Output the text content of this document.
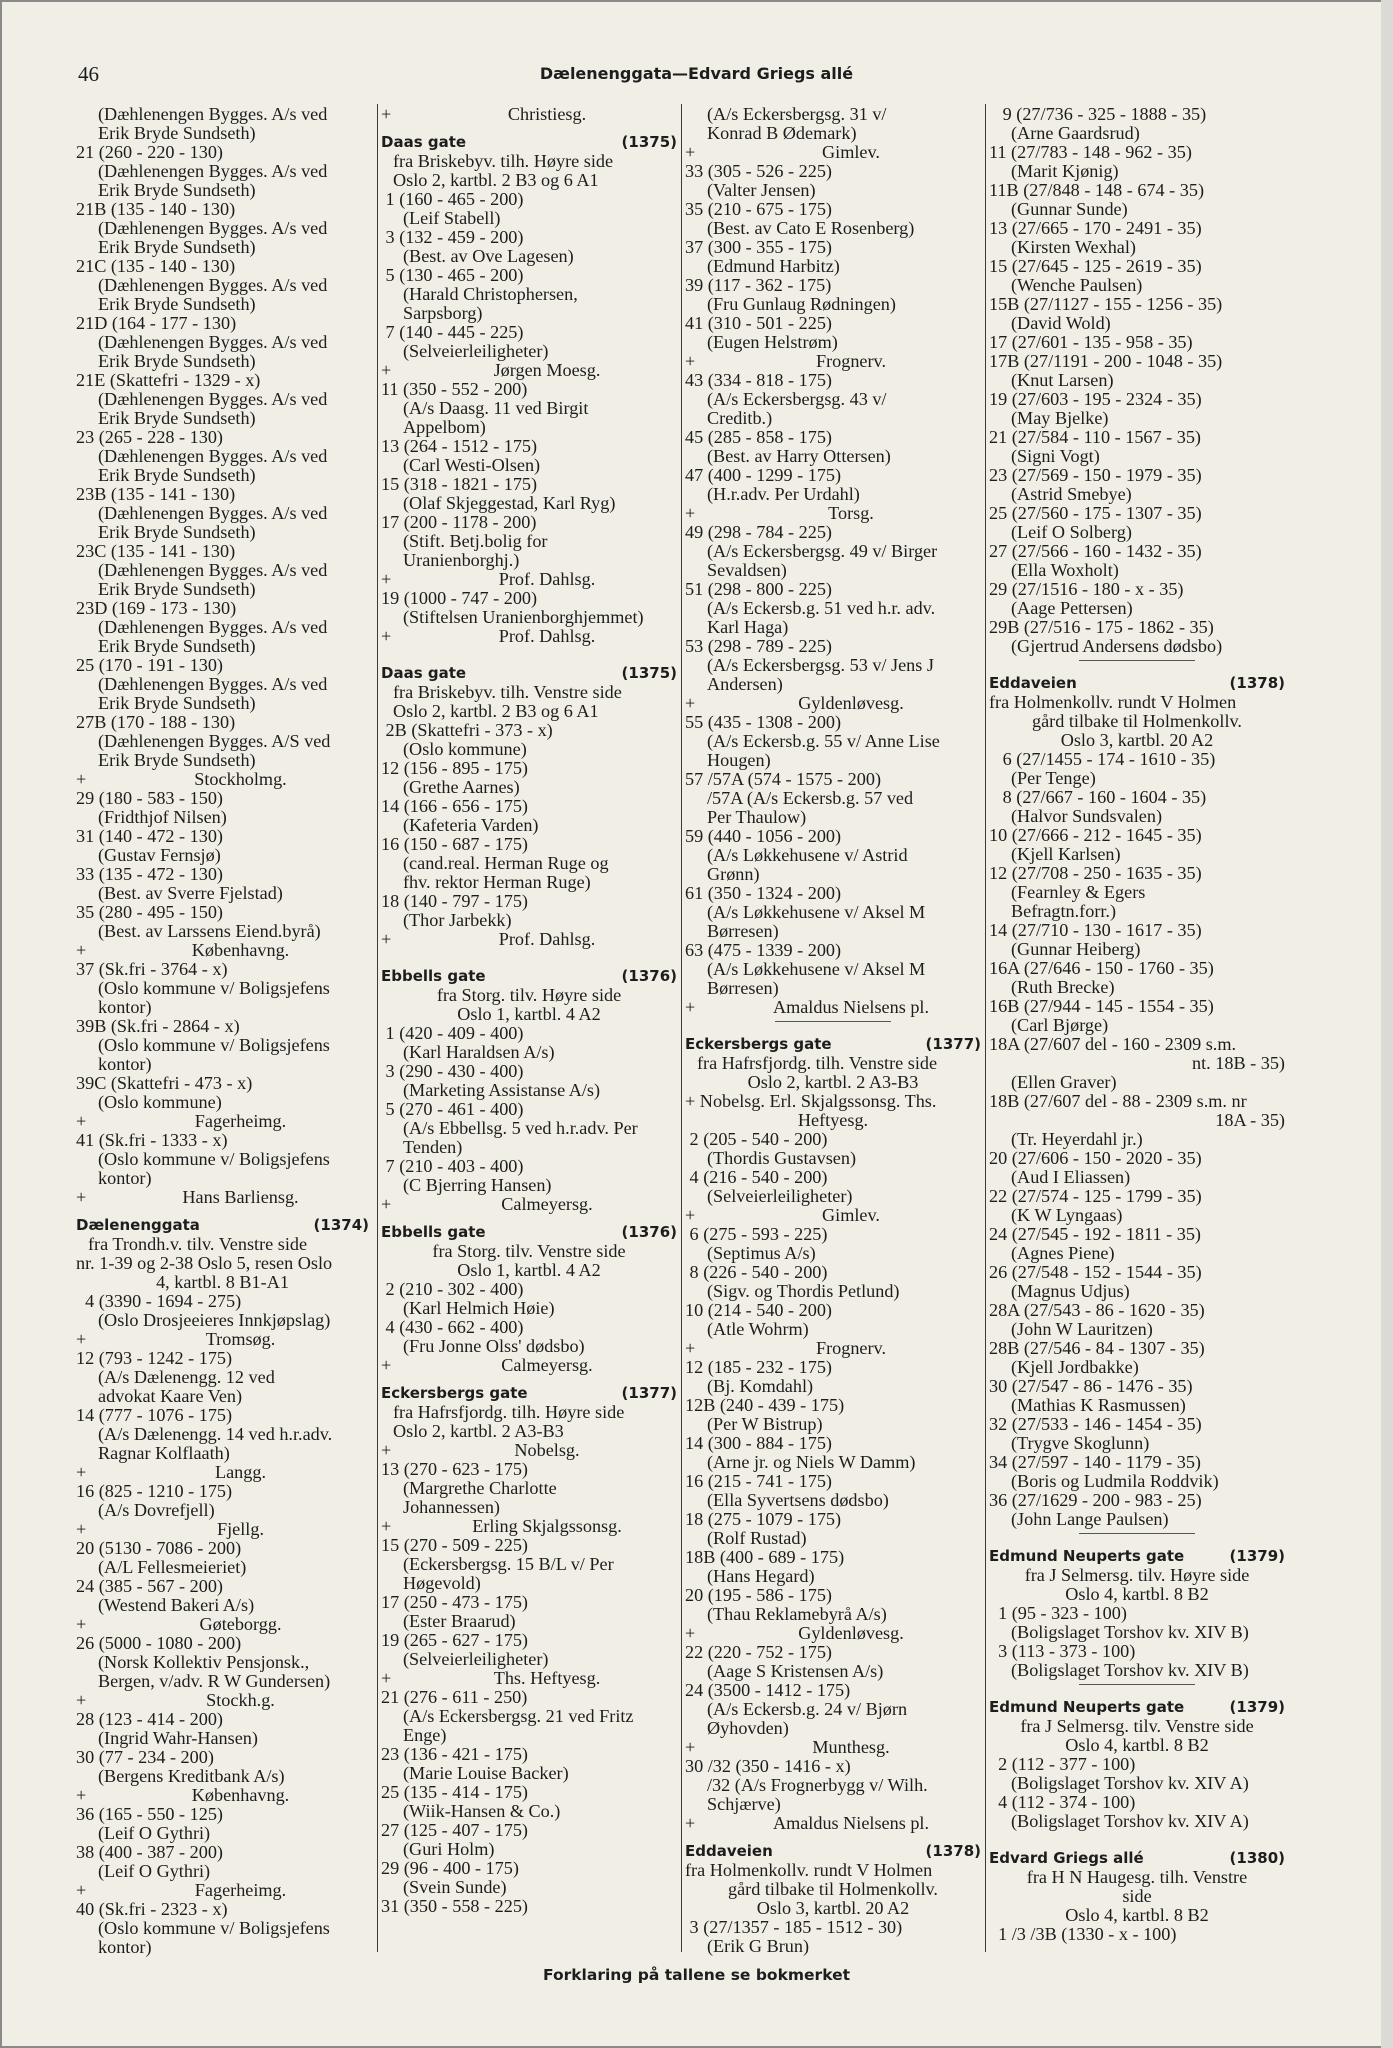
46	Dælenenggata—Edvard Griegs allé
(Dæhlenengen Bygges. A/s ved
Erik Bryde Sundseth)
21 (260 - 220 - 130)
(Dæhlenengen Bygges. A/s ved
Erik Bryde Sundseth)
21B (135 - 140 - 130)
(Dæhlenengen Bygges. A/s ved
Erik Bryde Sundseth)
21C (135 - 140 - 130)
(Dæhlenengen Bygges. A/s ved
Erik Bryde Sundseth)
21D (164 - 177 - 130)
(Dæhlenengen Bygges. A/s ved
Erik Bryde Sundseth)
21E (Skattefri - 1329 - x)
(Dæhlenengen Bygges. A/s ved
Erik Bryde Sundseth)
23 (265 - 228 - 130)
(Dæhlenengen Bygges. A/s ved
Erik Bryde Sundseth)
23B (135 - 141 - 130)
(Dæhlenengen Bygges. A/s ved
Erik Bryde Sundseth)
23C (135 - 141 - 130)
(Dæhlenengen Bygges. A/s ved
Erik Bryde Sundseth)
23D (169 - 173 - 130)
(Dæhlenengen Bygges. A/s ved
Erik Bryde Sundseth)
25 (170 - 191 - 130)
(Dæhlenengen Bygges. A/s ved
Erik Bryde Sundseth)
27B (170 - 188 - 130)
(Dæhlenengen Bygges. A/S ved
Erik Bryde Sundseth)
+	Stockholmg.
29 (180 - 583 - 150)
(Fridthjof Nilsen)
31 (140 - 472 - 130)
(Gustav Fernsjø)
33 (135 - 472 - 130)
(Best. av Sverre Fjelstad)
35 (280 - 495 - 150)
(Best. av Larssens Eiend.byrå)
+	Københavng.
37 (Sk.fri - 3764 - x)
(Oslo kommune v/ Boligsjefens
kontor)
39B (Sk.fri - 2864 - x)
(Oslo kommune v/ Boligsjefens
kontor)
39C (Skattefri - 473 - x)
(Oslo kommune)
+	Fagerheimg.
41 (Sk.fri - 1333 - x)
(Oslo kommune v/ Boligsjefens
kontor)
+	Hans Barliensg.
Dælenenggata	(1374)
fra Trondh.v. tilv. Venstre side
nr. 1-39 og 2-38 Oslo 5, resen Oslo
4, kartbl. 8 B1-A1
4 (3390 - 1694 - 275)
(Oslo Drosjeeieres Innkjøpslag)
+	Tromsøg.
12 (793 - 1242 - 175)
(A/s Dælenengg. 12 ved
advokat Kaare Ven)
14 (777 - 1076 - 175)
(A/s Dælenengg. 14 ved h.r.adv.
Ragnar Kolflaath)
+	Langg.
16 (825 - 1210 - 175)
(A/s Dovrefjell)
+	Fjellg.
20 (5130 - 7086 - 200)
(A/L Fellesmeieriet)
24 (385 - 567 - 200)
(Westend Bakeri A/s)
+	Gøteborgg.
26 (5000 - 1080 - 200)
(Norsk Kollektiv Pensjonsk.,
Bergen, v/adv. R W Gundersen)
+	Stockh.g.
28 (123 - 414 - 200)
(Ingrid Wahr-Hansen)
30 (77 - 234 - 200)
(Bergens Kreditbank A/s)
+	Københavng.
36 (165 - 550 - 125)
(Leif O Gythri)
38 (400 - 387 - 200)
(Leif O Gythri)
+	Fagerheimg.
40 (Sk.fri - 2323 - x)
(Oslo kommune v/ Boligsjefens
kontor)
+	Christiesg.
Daas gate	(1375)
fra Briskebyv. tilh. Høyre side
Oslo 2, kartbl. 2 B3 og 6 A1
1 (160 - 465 - 200)
(Leif Stabell)
3 (132 - 459 - 200)
(Best. av Ove Lagesen)
5 (130 - 465 - 200)
(Harald Christophersen,
Sarpsborg)
7 (140 - 445 - 225)
(Selveierleiligheter)
+	Jørgen Moesg.
11 (350 - 552 - 200)
(A/s Daasg. 11 ved Birgit
Appelbom)
13 (264 - 1512 - 175)
(Carl Westi-Olsen)
15 (318 - 1821 - 175)
(Olaf Skjeggestad, Karl Ryg)
17 (200 - 1178 - 200)
(Stift. Betj.bolig for
Uranienborghj.)
+	Prof. Dahlsg.
19 (1000 - 747 - 200)
(Stiftelsen Uranienborghjemmet)
+	Prof. Dahlsg.
Daas gate	(1375)
fra Briskebyv. tilh. Venstre side
Oslo 2, kartbl. 2 B3 og 6 A1
2B (Skattefri - 373 - x)
(Oslo kommune)
12 (156 - 895 - 175)
(Grethe Aarnes)
14 (166 - 656 - 175)
(Kafeteria Varden)
16 (150 - 687 - 175)
(cand.real. Herman Ruge og
fhv. rektor Herman Ruge)
18 (140 - 797 - 175)
(Thor Jarbekk)
+	Prof. Dahlsg.
Ebbells gate	(1376)
fra Storg. tilv. Høyre side
Oslo 1, kartbl. 4 A2
1 (420 - 409 - 400)
(Karl Haraldsen A/s)
3 (290 - 430 - 400)
(Marketing Assistanse A/s)
5 (270 - 461 - 400)
(A/s Ebbellsg. 5 ved h.r.adv. Per
Tenden)
7 (210 - 403 - 400)
(C Bjerring Hansen)
+	Calmeyersg.
Ebbells gate	(1376)
fra Storg. tilv. Venstre side
Oslo 1, kartbl. 4 A2
2 (210 - 302 - 400)
(Karl Helmich Høie)
4 (430 - 662 - 400)
(Fru Jonne Olss' dødsbo)
+	Calmeyersg.
Eckersbergs gate	(1377)
fra Hafrsfjordg. tilh. Høyre side
Oslo 2, kartbl. 2 A3-B3
+	Nobelsg.
13 (270 - 623 - 175)
(Margrethe Charlotte
Johannessen)
+	Erling Skjalgssonsg.
15 (270 - 509 - 225)
(Eckersbergsg. 15 B/L v/ Per
Høgevold)
17 (250 - 473 - 175)
(Ester Braarud)
19 (265 - 627 - 175)
(Selveierleiligheter)
+	Ths. Heftyesg.
21 (276 - 611 - 250)
(A/s Eckersbergsg. 21 ved Fritz
Enge)
23 (136 - 421 - 175)
(Marie Louise Backer)
25 (135 - 414 - 175)
(Wiik-Hansen & Co.)
27 (125 - 407 - 175)
(Guri Holm)
29 (96 - 400 - 175)
(Svein Sunde)
31 (350 - 558 - 225)
(A/s Eckersbergsg. 31 v/
Konrad B Ødemark)
+	Gimlev.
33 (305 - 526 - 225)
(Valter Jensen)
35 (210 - 675 - 175)
(Best. av Cato E Rosenberg)
37 (300 - 355 - 175)
(Edmund Harbitz)
39 (117 - 362 - 175)
(Fru Gunlaug Rødningen)
41 (310 - 501 - 225)
(Eugen Helstrøm)
+	Frognerv.
43 (334 - 818 - 175)
(A/s Eckersbergsg. 43 v/
Creditb.)
45 (285 - 858 - 175)
(Best. av Harry Ottersen)
47 (400 - 1299 - 175)
(H.r.adv. Per Urdahl)
+	Torsg.
49 (298 - 784 - 225)
(A/s Eckersbergsg. 49 v/ Birger
Sevaldsen)
51 (298 - 800 - 225)
(A/s Eckersb.g. 51 ved h.r. adv.
Karl Haga)
53 (298 - 789 - 225)
(A/s Eckersbergsg. 53 v/ Jens J
Andersen)
+	Gyldenløvesg.
55 (435 - 1308 - 200)
(A/s Eckersb.g. 55 v/ Anne Lise
Hougen)
57 /57A (574 - 1575 - 200)
/57A (A/s Eckersb.g. 57 ved
Per Thaulow)
59 (440 - 1056 - 200)
(A/s Løkkehusene v/ Astrid
Grønn)
61 (350 - 1324 - 200)
(A/s Løkkehusene v/ Aksel M
Børresen)
63 (475 - 1339 - 200)
(A/s Løkkehusene v/ Aksel M
Børresen)
+	Amaldus Nielsens pl.
Eckersbergs gate	(1377)
fra Hafrsfjordg. tilh. Venstre side
Oslo 2, kartbl. 2 A3-B3
+ Nobelsg. Erl. Skjalgssonsg. Ths.
Heftyesg.
2 (205 - 540 - 200)
(Thordis Gustavsen)
4 (216 - 540 - 200)
(Selveierleiligheter)
+	Gimlev.
6 (275 - 593 - 225)
(Septimus A/s)
8 (226 - 540 - 200)
(Sigv. og Thordis Petlund)
10 (214 - 540 - 200)
(Atle Wohrm)
+	Frognerv.
12 (185 - 232 - 175)
(Bj. Komdahl)
12B (240 - 439 - 175)
(Per W Bistrup)
14 (300 - 884 - 175)
(Arne jr. og Niels W Damm)
16 (215 - 741 - 175)
(Ella Syvertsens dødsbo)
18 (275 - 1079 - 175)
(Rolf Rustad)
18B (400 - 689 - 175)
(Hans Hegard)
20 (195 - 586 - 175)
(Thau Reklamebyrå A/s)
+	Gyldenløvesg.
22 (220 - 752 - 175)
(Aage S Kristensen A/s)
24 (3500 - 1412 - 175)
(A/s Eckersb.g. 24 v/ Bjørn
Øyhovden)
+	Munthesg.
30 /32 (350 - 1416 - x)
/32 (A/s Frognerbygg v/ Wilh.
Schjærve)
+	Amaldus Nielsens pl.
Eddaveien	(1378)
fra Holmenkollv. rundt V Holmen
gård tilbake til Holmenkollv.
Oslo 3, kartbl. 20 A2
3 (27/1357 - 185 - 1512 - 30)
(Erik G Brun)
9 (27/736 - 325 - 1888 - 35)
(Arne Gaardsrud)
11 (27/783 - 148 - 962 - 35)
(Marit Kjønig)
11B (27/848 - 148 - 674 - 35)
(Gunnar Sunde)
13 (27/665 - 170 - 2491 - 35)
(Kirsten Wexhal)
15 (27/645 - 125 - 2619 - 35)
(Wenche Paulsen)
15B (27/1127 - 155 - 1256 - 35)
(David Wold)
17 (27/601 - 135 - 958 - 35)
17B (27/1191 - 200 - 1048 - 35)
(Knut Larsen)
19 (27/603 - 195 - 2324 - 35)
(May Bjelke)
21 (27/584 - 110 - 1567 - 35)
(Signi Vogt)
23 (27/569 - 150 - 1979 - 35)
(Astrid Smebye)
25 (27/560 - 175 - 1307 - 35)
(Leif O Solberg)
27 (27/566 - 160 - 1432 - 35)
(Ella Woxholt)
29 (27/1516 - 180 - x - 35)
(Aage Pettersen)
29B (27/516 - 175 - 1862 - 35)
(Gjertrud Andersens dødsbo)
Eddaveien	(1378)
fra Holmenkollv. rundt V Holmen
gård tilbake til Holmenkollv.
Oslo 3, kartbl. 20 A2
6 (27/1455 - 174 - 1610 - 35)
(Per Tenge)
8 (27/667 - 160 - 1604 - 35)
(Halvor Sundsvalen)
10 (27/666 - 212 - 1645 - 35)
(Kjell Karlsen)
12 (27/708 - 250 - 1635 - 35)
(Fearnley & Egers
Befragtn.forr.)
14 (27/710 - 130 - 1617 - 35)
(Gunnar Heiberg)
16A (27/646 - 150 - 1760 - 35)
(Ruth Brecke)
16B (27/944 - 145 - 1554 - 35)
(Carl Bjørge)
18A (27/607 del - 160 - 2309 s.m.
nt. 18B - 35)
(Ellen Graver)
18B (27/607 del - 88 - 2309 s.m. nr
18A - 35)
(Tr. Heyerdahl jr.)
20 (27/606 - 150 - 2020 - 35)
(Aud I Eliassen)
22 (27/574 - 125 - 1799 - 35)
(K W Lyngaas)
24 (27/545 - 192 - 1811 - 35)
(Agnes Piene)
26 (27/548 - 152 - 1544 - 35)
(Magnus Udjus)
28A (27/543 - 86 - 1620 - 35)
(John W Lauritzen)
28B (27/546 - 84 - 1307 - 35)
(Kjell Jordbakke)
30 (27/547 - 86 - 1476 - 35)
(Mathias K Rasmussen)
32 (27/533 - 146 - 1454 - 35)
(Trygve Skoglunn)
34 (27/597 - 140 - 1179 - 35)
(Boris og Ludmila Roddvik)
36 (27/1629 - 200 - 983 - 25)
(John Lange Paulsen)
Edmund Neuperts gate	(1379)
fra J Selmersg. tilv. Høyre side
Oslo 4, kartbl. 8 B2
1 (95 - 323 - 100)
(Boligslaget Torshov kv. XIV B)
3 (113 - 373 - 100)
(Boligslaget Torshov kv. XIV B)
Edmund Neuperts gate	(1379)
fra J Selmersg. tilv. Venstre side
Oslo 4, kartbl. 8 B2
2 (112 - 377 - 100)
(Boligslaget Torshov kv. XIV A)
4 (112 - 374 - 100)
(Boligslaget Torshov kv. XIV A)
Edvard Griegs allé	(1380)
fra H N Haugesg. tilh. Venstre
side
Oslo 4, kartbl. 8 B2
1 /3 /3B (1330 - x - 100)
Forklaring på tallene se bokmerket
